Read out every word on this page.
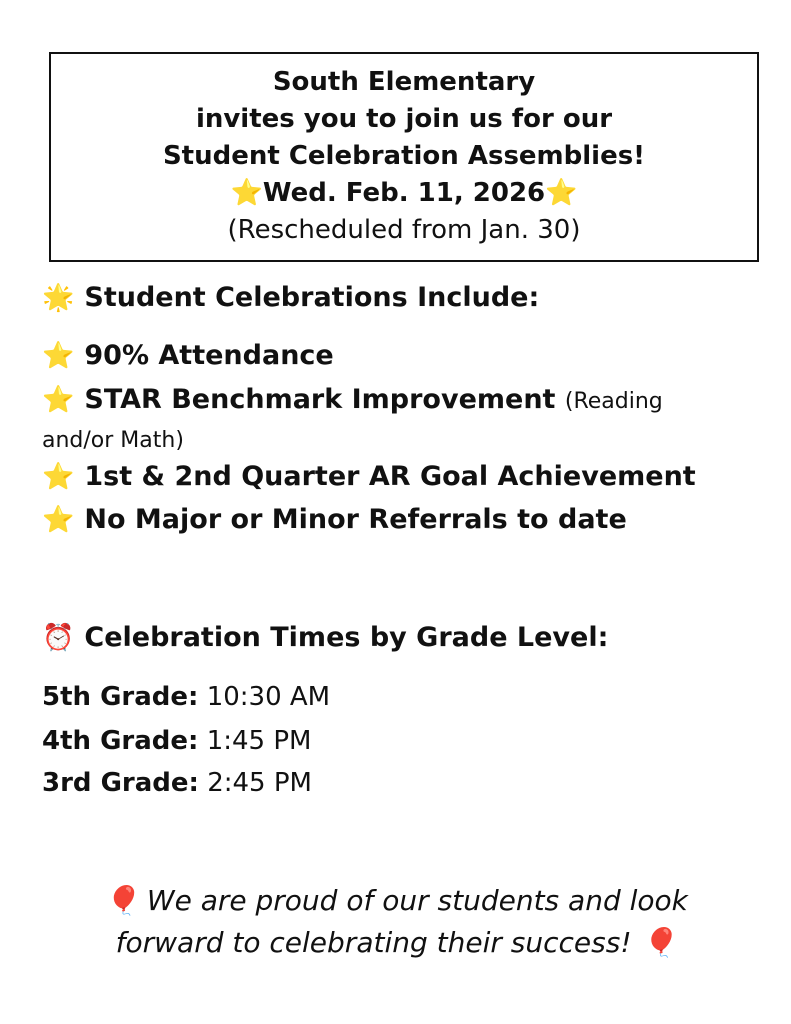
South Elementary
invites you to join us for our
Student Celebration Assemblies!
⭐Wed. Feb. 11, 2026⭐
(Rescheduled from Jan. 30)
🌟 Student Celebrations Include:
⭐ 90% Attendance
⭐ STAR Benchmark Improvement (Reading
and/or Math)
⭐ 1st & 2nd Quarter AR Goal Achievement
⭐ No Major or Minor Referrals to date
⏰ Celebration Times by Grade Level:
5th Grade: 10:30 AM
4th Grade: 1:45 PM
3rd Grade: 2:45 PM
🎈 We are proud of our students and look
forward to celebrating their success! 🎈
